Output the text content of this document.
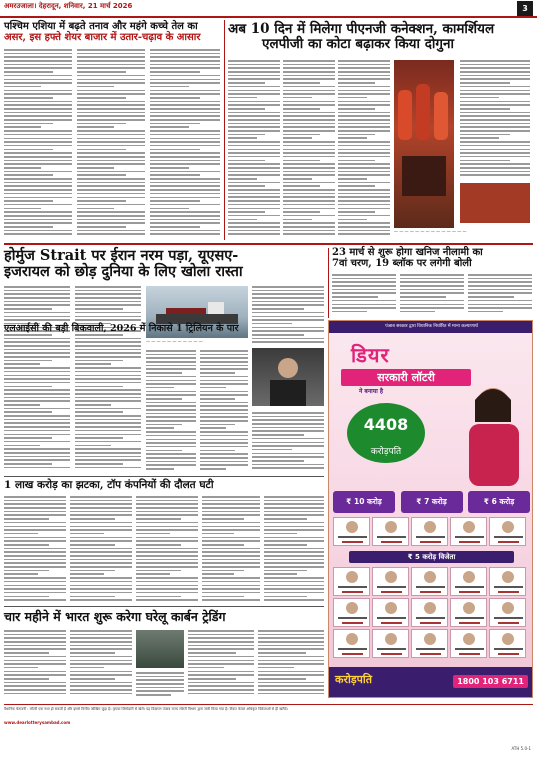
अमरउजाला। देहरादून, शनिवार, 21 मार्च 2026	3
पश्चिम एशिया में बढ़ते तनाव और महंगे कच्चे तेल का
असर, इस हफ्ते शेयर बाजार में उतार-चढ़ाव के आसार
अब 10 दिन में मिलेगा पीएनजी कनेक्शन, कामर्शियल
एलपीजी का कोटा बढ़ाकर किया दोगुना
— — — — — — — — — — — — — —
होर्मुज Strait पर ईरान नरम पड़ा, यूएसए-
इजरायल को छोड़ दुनिया के लिए खोला रास्ता
— — — — — — — — — — —
23 मार्च से शुरू होगा खनिज नीलामी का
7वां चरण, 19 ब्लॉक पर लगेगी बोली
एलआईसी की बड़ी बिकवाली, 2026 में निकासे 1 ट्रिलियन के पार
1 लाख करोड़ का झटका, टॉप कंपनियों की दौलत घटी
चार महीने में भारत शुरू करेगा घरेलू कार्बन ट्रेडिंग
पंजाब सरकार द्वारा विधानिक निर्धारित में मान्य कल्याणार्थ
डियर
सरकारी लॉटरी
ने बनाया है
4408
करोड़पति
₹ 10 करोड़	₹ 7 करोड़	₹ 6 करोड़
₹ 5 करोड़ विजेता
करोड़पति	1800 103 6711
वैधानिक चेतावनी : लॉटरी एक नशा हो सकती है और इससे वित्तीय जोखिम जुड़ा है। कृपया जिम्मेदारी से खेलें। यह विज्ञापन पंजाब राज्य लॉटरी विभाग द्वारा जारी किया गया है। टिकट केवल अधिकृत विक्रेताओं से ही खरीदें।
www.dearlotterysambad.com
ATH 5.0-1
